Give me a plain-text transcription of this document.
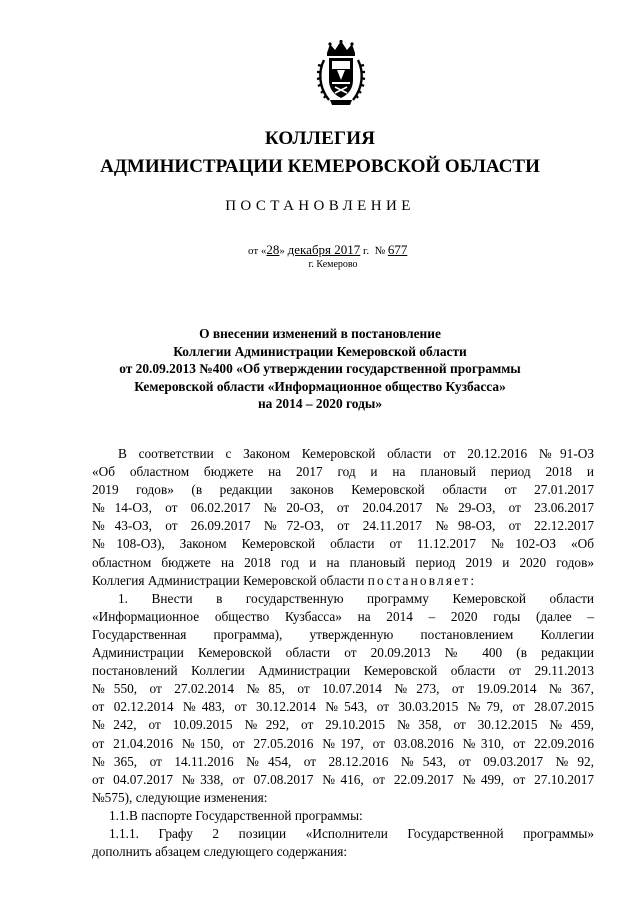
КОЛЛЕГИЯ
АДМИНИСТРАЦИИ КЕМЕРОВСКОЙ ОБЛАСТИ
ПОСТАНОВЛЕНИЕ
от «28» декабря 2017 г. № 677
г. Кемерово
О внесении изменений в постановление
Коллегии Администрации Кемеровской области
от 20.09.2013 №400 «Об утверждении государственной программы
Кемеровской области «Информационное общество Кузбасса»
на 2014 – 2020 годы»

В соответствии с Законом Кемеровской области от 20.12.2016 №91-ОЗ

«Об областном бюджете на 2017 год и на плановый период 2018 и

2019 годов» (в редакции законов Кемеровской области от 27.01.2017

№14-ОЗ, от 06.02.2017 №20-ОЗ, от 20.04.2017 №29-ОЗ, от 23.06.2017

№43-ОЗ, от 26.09.2017 №72-ОЗ, от 24.11.2017 №98-ОЗ, от 22.12.2017

№108-ОЗ), Законом Кемеровской области от 11.12.2017 №102-ОЗ «Об

областном бюджете на 2018 год и на плановый период 2019 и 2020 годов»

Коллегия Администрации Кемеровской области постановляет:

1. Внести в государственную программу Кемеровской области

«Информационное общество Кузбасса» на 2014 – 2020 годы (далее –

Государственная программа), утвержденную постановлением Коллегии

Администрации Кемеровской области от 20.09.2013 № 400 (в редакции

постановлений Коллегии Администрации Кемеровской области от 29.11.2013

№550, от 27.02.2014 №85, от 10.07.2014 №273, от 19.09.2014 №367,

от 02.12.2014 №483, от 30.12.2014 №543, от 30.03.2015 №79, от 28.07.2015

№242, от 10.09.2015 №292, от 29.10.2015 №358, от 30.12.2015 №459,

от 21.04.2016 №150, от 27.05.2016 №197, от 03.08.2016 №310, от 22.09.2016

№365, от 14.11.2016 №454, от 28.12.2016 №543, от 09.03.2017 №92,

от 04.07.2017 №338, от 07.08.2017 №416, от 22.09.2017 №499, от 27.10.2017

№575), следующие изменения:

1.1.В паспорте Государственной программы:

1.1.1. Графу 2 позиции «Исполнители Государственной программы»

дополнить абзацем следующего содержания:
